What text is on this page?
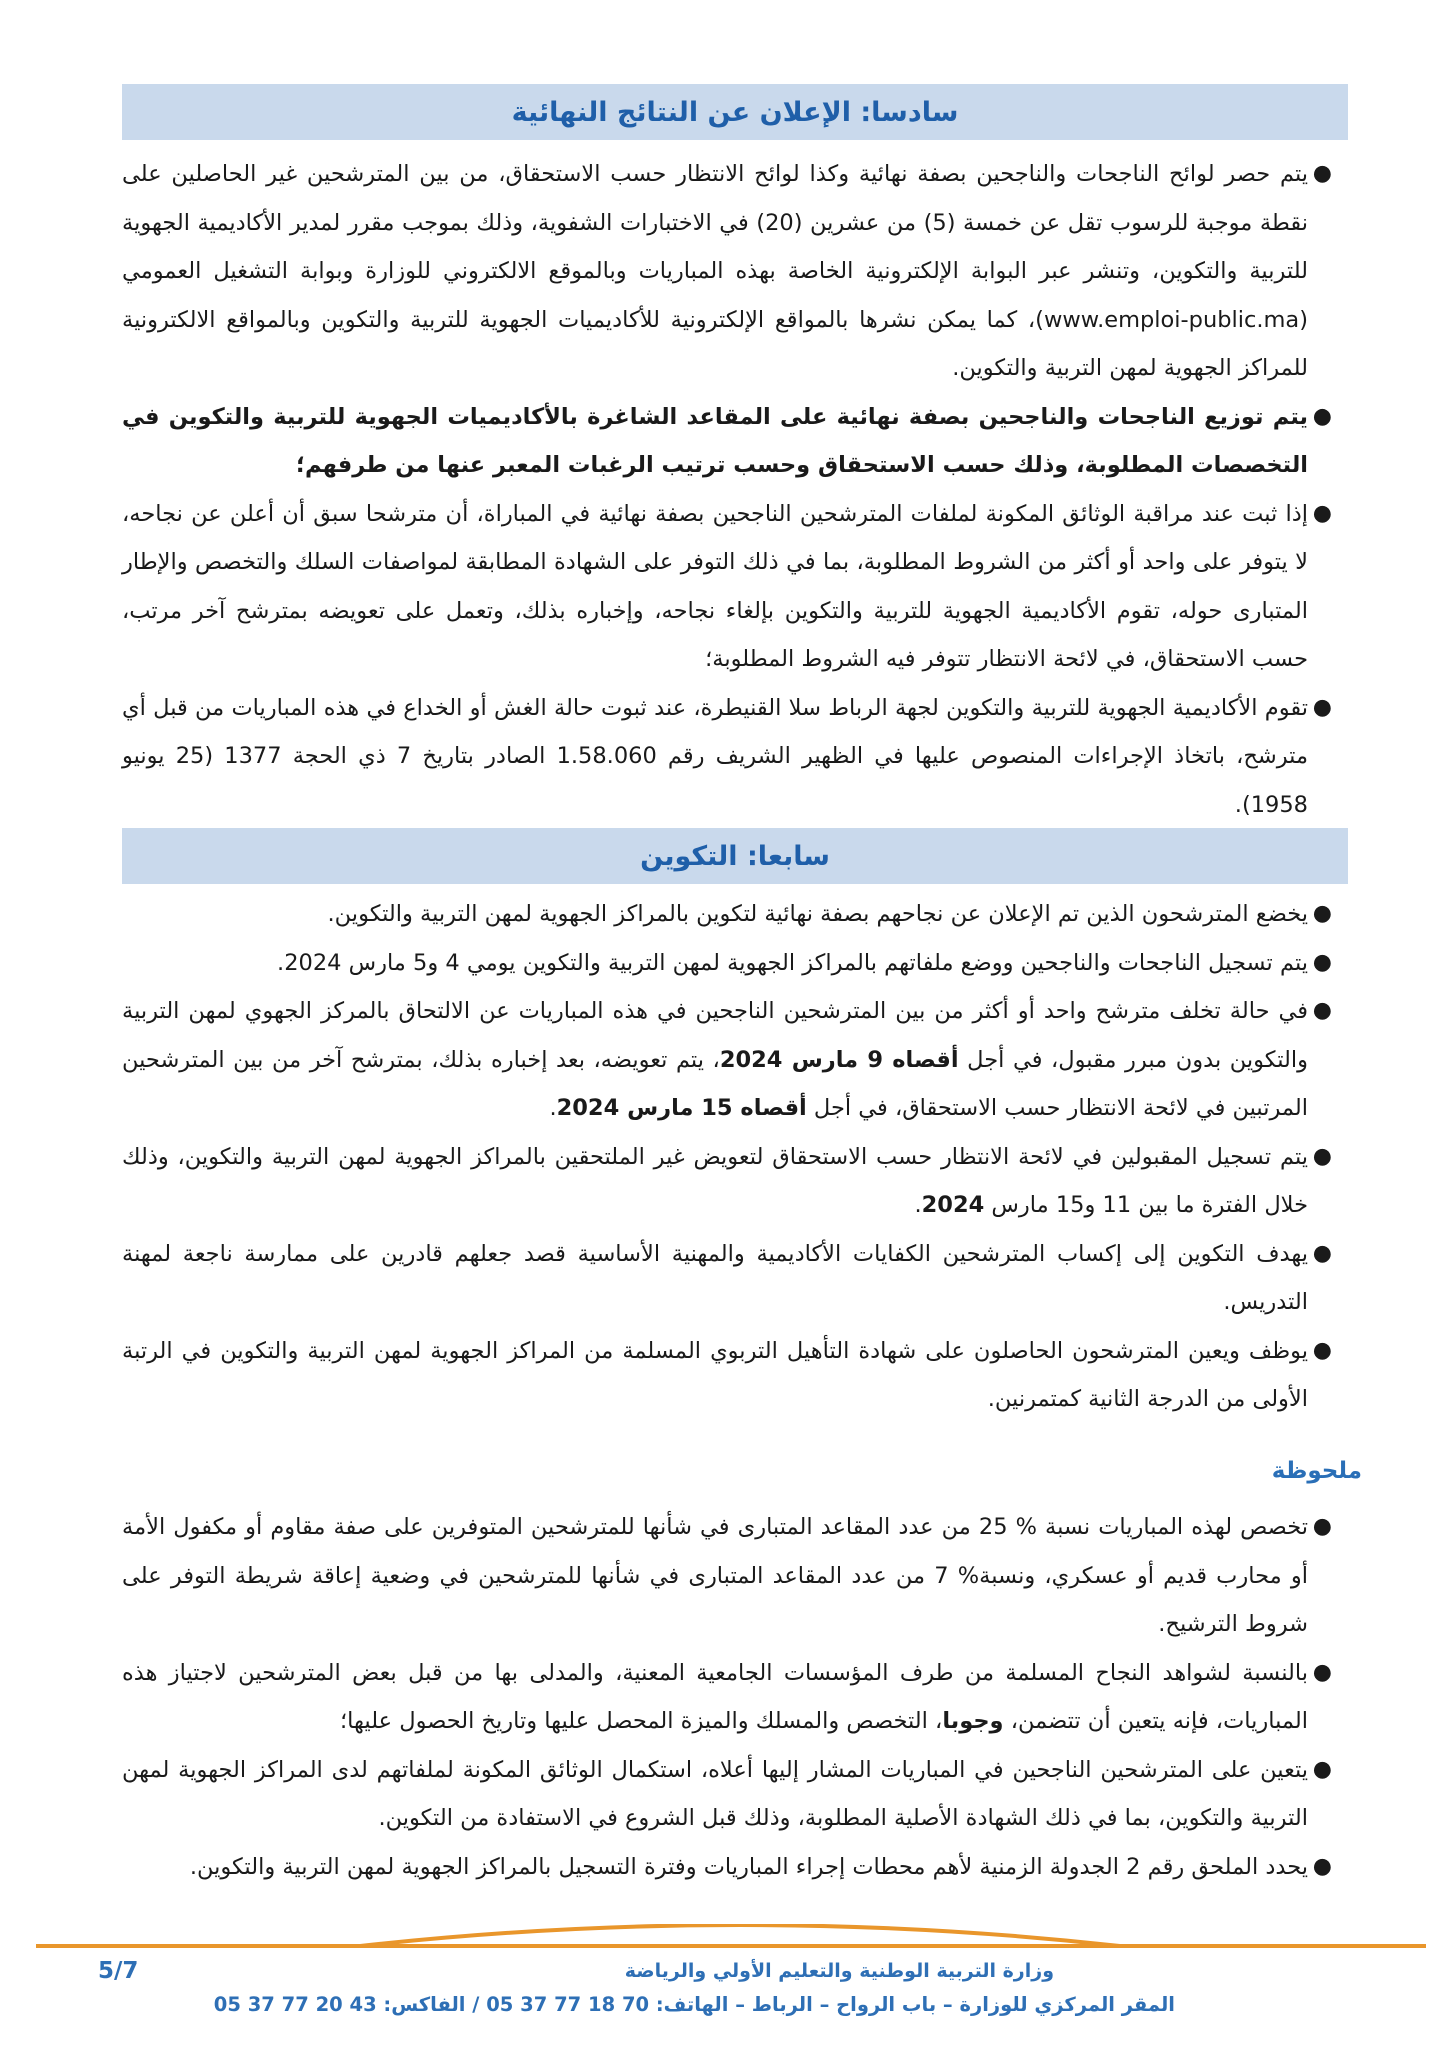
سادسا: الإعلان عن النتائج النهائية
●
يتم حصر لوائح الناجحات والناجحين بصفة نهائية وكذا لوائح الانتظار حسب الاستحقاق، من بين المترشحين غير الحاصلين على نقطة موجبة للرسوب تقل عن خمسة (5) من عشرين (20) في الاختبارات الشفوية، وذلك بموجب مقرر لمدير الأكاديمية الجهوية للتربية والتكوين، وتنشر عبر البوابة الإلكترونية الخاصة بهذه المباريات وبالموقع الالكتروني للوزارة وبوابة التشغيل العمومي (www.emploi-public.ma)، كما يمكن نشرها بالمواقع الإلكترونية للأكاديميات الجهوية للتربية والتكوين وبالمواقع الالكترونية للمراكز الجهوية لمهن التربية والتكوين.
●
يتم توزيع الناجحات والناجحين بصفة نهائية على المقاعد الشاغرة بالأكاديميات الجهوية للتربية والتكوين في التخصصات المطلوبة، وذلك حسب الاستحقاق وحسب ترتيب الرغبات المعبر عنها من طرفهم؛
●
إذا ثبت عند مراقبة الوثائق المكونة لملفات المترشحين الناجحين بصفة نهائية في المباراة، أن مترشحا سبق أن أعلن عن نجاحه، لا يتوفر على واحد أو أكثر من الشروط المطلوبة، بما في ذلك التوفر على الشهادة المطابقة لمواصفات السلك والتخصص والإطار المتبارى حوله، تقوم الأكاديمية الجهوية للتربية والتكوين بإلغاء نجاحه، وإخباره بذلك، وتعمل على تعويضه بمترشح آخر مرتب، حسب الاستحقاق، في لائحة الانتظار تتوفر فيه الشروط المطلوبة؛
●
تقوم الأكاديمية الجهوية للتربية والتكوين لجهة الرباط سلا القنيطرة، عند ثبوت حالة الغش أو الخداع في هذه المباريات من قبل أي مترشح، باتخاذ الإجراءات المنصوص عليها في الظهير الشريف رقم 1.58.060 الصادر بتاريخ 7 ذي الحجة 1377 (25 يونيو 1958).
سابعا: التكوين
●
يخضع المترشحون الذين تم الإعلان عن نجاحهم بصفة نهائية لتكوين بالمراكز الجهوية لمهن التربية والتكوين.
●
يتم تسجيل الناجحات والناجحين ووضع ملفاتهم بالمراكز الجهوية لمهن التربية والتكوين يومي 4 و5 مارس 2024.
●
في حالة تخلف مترشح واحد أو أكثر من بين المترشحين الناجحين في هذه المباريات عن الالتحاق بالمركز الجهوي لمهن التربية والتكوين بدون مبرر مقبول، في أجل أقصاه 9 مارس 2024، يتم تعويضه، بعد إخباره بذلك، بمترشح آخر من بين المترشحين المرتبين في لائحة الانتظار حسب الاستحقاق، في أجل أقصاه 15 مارس 2024.
●
يتم تسجيل المقبولين في لائحة الانتظار حسب الاستحقاق لتعويض غير الملتحقين بالمراكز الجهوية لمهن التربية والتكوين، وذلك خلال الفترة ما بين 11 و15 مارس 2024.
●
يهدف التكوين إلى إكساب المترشحين الكفايات الأكاديمية والمهنية الأساسية قصد جعلهم قادرين على ممارسة ناجعة لمهنة التدريس.
●
يوظف ويعين المترشحون الحاصلون على شهادة التأهيل التربوي المسلمة من المراكز الجهوية لمهن التربية والتكوين في الرتبة الأولى من الدرجة الثانية كمتمرنين.
ملحوظة
●
تخصص لهذه المباريات نسبة % 25 من عدد المقاعد المتبارى في شأنها للمترشحين المتوفرين على صفة مقاوم أو مكفول الأمة أو محارب قديم أو عسكري، ونسبة% 7 من عدد المقاعد المتبارى في شأنها للمترشحين في وضعية إعاقة شريطة التوفر على شروط الترشيح.
●
بالنسبة لشواهد النجاح المسلمة من طرف المؤسسات الجامعية المعنية، والمدلى بها من قبل بعض المترشحين لاجتياز هذه المباريات، فإنه يتعين أن تتضمن، وجوبا، التخصص والمسلك والميزة المحصل عليها وتاريخ الحصول عليها؛
●
يتعين على المترشحين الناجحين في المباريات المشار إليها أعلاه، استكمال الوثائق المكونة لملفاتهم لدى المراكز الجهوية لمهن التربية والتكوين، بما في ذلك الشهادة الأصلية المطلوبة، وذلك قبل الشروع في الاستفادة من التكوين.
●
يحدد الملحق رقم 2 الجدولة الزمنية لأهم محطات إجراء المباريات وفترة التسجيل بالمراكز الجهوية لمهن التربية والتكوين.
وزارة التربية الوطنية والتعليم الأولي والرياضة
المقر المركزي للوزارة – باب الرواح – الرباط – الهاتف: 70 18 77 37 05 / الفاكس: 43 20 77 37 05
5/7
